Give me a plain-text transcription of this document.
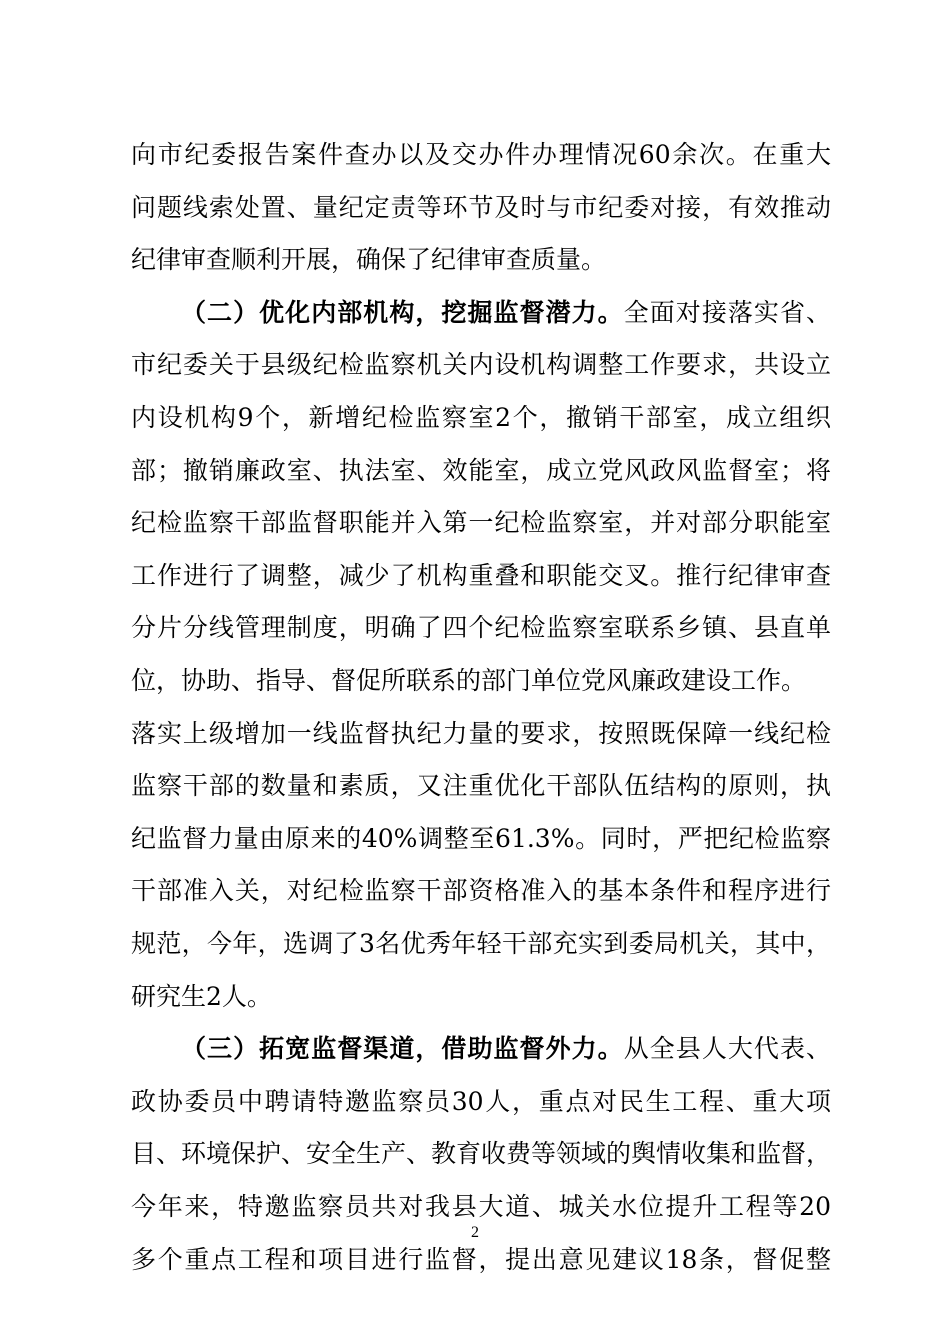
向市纪委报告案件查办以及交办件办理情况60余次。在重大
问题线索处置、量纪定责等环节及时与市纪委对接，有效推动
纪律审查顺利开展，确保了纪律审查质量。
（二）优化内部机构，挖掘监督潜力。全面对接落实省、
市纪委关于县级纪检监察机关内设机构调整工作要求，共设立
内设机构9个，新增纪检监察室2个，撤销干部室，成立组织
部；撤销廉政室、执法室、效能室，成立党风政风监督室；将
纪检监察干部监督职能并入第一纪检监察室，并对部分职能室
工作进行了调整，减少了机构重叠和职能交叉。推行纪律审查
分片分线管理制度，明确了四个纪检监察室联系乡镇、县直单
位，协助、指导、督促所联系的部门单位党风廉政建设工作。
落实上级增加一线监督执纪力量的要求，按照既保障一线纪检
监察干部的数量和素质，又注重优化干部队伍结构的原则，执
纪监督力量由原来的40%调整至61.3%。同时，严把纪检监察
干部准入关，对纪检监察干部资格准入的基本条件和程序进行
规范，今年，选调了3名优秀年轻干部充实到委局机关，其中，
研究生2人。
（三）拓宽监督渠道，借助监督外力。从全县人大代表、
政协委员中聘请特邀监察员30人，重点对民生工程、重大项
目、环境保护、安全生产、教育收费等领域的舆情收集和监督，
今年来，特邀监察员共对我县大道、城关水位提升工程等20
多个重点工程和项目进行监督，提出意见建议18条，督促整
2
